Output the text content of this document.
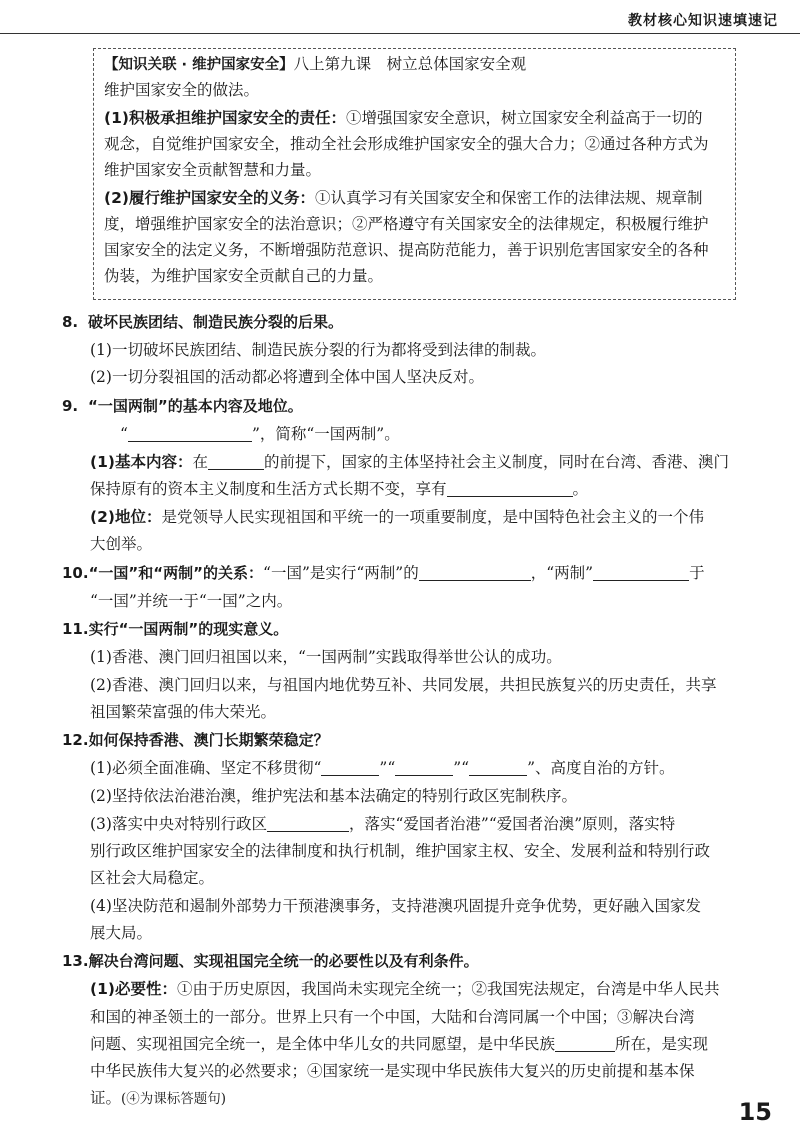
教材核心知识速填速记
【知识关联 · 维护国家安全】八上第九课　树立总体国家安全观
维护国家安全的做法。
(1)积极承担维护国家安全的责任：①增强国家安全意识，树立国家安全利益高于一切的
观念，自觉维护国家安全，推动全社会形成维护国家安全的强大合力；②通过各种方式为
维护国家安全贡献智慧和力量。
(2)履行维护国家安全的义务：①认真学习有关国家安全和保密工作的法律法规、规章制
度，增强维护国家安全的法治意识；②严格遵守有关国家安全的法律规定，积极履行维护
国家安全的法定义务，不断增强防范意识、提高防范能力，善于识别危害国家安全的各种
伪装，为维护国家安全贡献自己的力量。
8. 破坏民族团结、制造民族分裂的后果。
(1)一切破坏民族团结、制造民族分裂的行为都将受到法律的制裁。
(2)一切分裂祖国的活动都必将遭到全体中国人坚决反对。
9. “一国两制”的基本内容及地位。
“	”，简称“一国两制”。
(1)基本内容：在	的前提下，国家的主体坚持社会主义制度，同时在台湾、香港、澳门
保持原有的资本主义制度和生活方式长期不变，享有	。
(2)地位：是党领导人民实现祖国和平统一的一项重要制度，是中国特色社会主义的一个伟
大创举。
10.“一国”和“两制”的关系：“一国”是实行“两制”的	，“两制”	于
“一国”并统一于“一国”之内。
11.实行“一国两制”的现实意义。
(1)香港、澳门回归祖国以来，“一国两制”实践取得举世公认的成功。
(2)香港、澳门回归以来，与祖国内地优势互补、共同发展，共担民族复兴的历史责任，共享
祖国繁荣富强的伟大荣光。
12.如何保持香港、澳门长期繁荣稳定？
(1)必须全面准确、坚定不移贯彻“	”“	”“	”、高度自治的方针。
(2)坚持依法治港治澳，维护宪法和基本法确定的特别行政区宪制秩序。
(3)落实中央对特别行政区	，落实“爱国者治港”“爱国者治澳”原则，落实特
别行政区维护国家安全的法律制度和执行机制，维护国家主权、安全、发展利益和特别行政
区社会大局稳定。
(4)坚决防范和遏制外部势力干预港澳事务，支持港澳巩固提升竞争优势，更好融入国家发
展大局。
13.解决台湾问题、实现祖国完全统一的必要性以及有利条件。
(1)必要性：①由于历史原因，我国尚未实现完全统一；②我国宪法规定，台湾是中华人民共
和国的神圣领土的一部分。世界上只有一个中国，大陆和台湾同属一个中国；③解决台湾
问题、实现祖国完全统一，是全体中华儿女的共同愿望，是中华民族	所在，是实现
中华民族伟大复兴的必然要求；④国家统一是实现中华民族伟大复兴的历史前提和基本保
证。(④为课标答题句)	15
